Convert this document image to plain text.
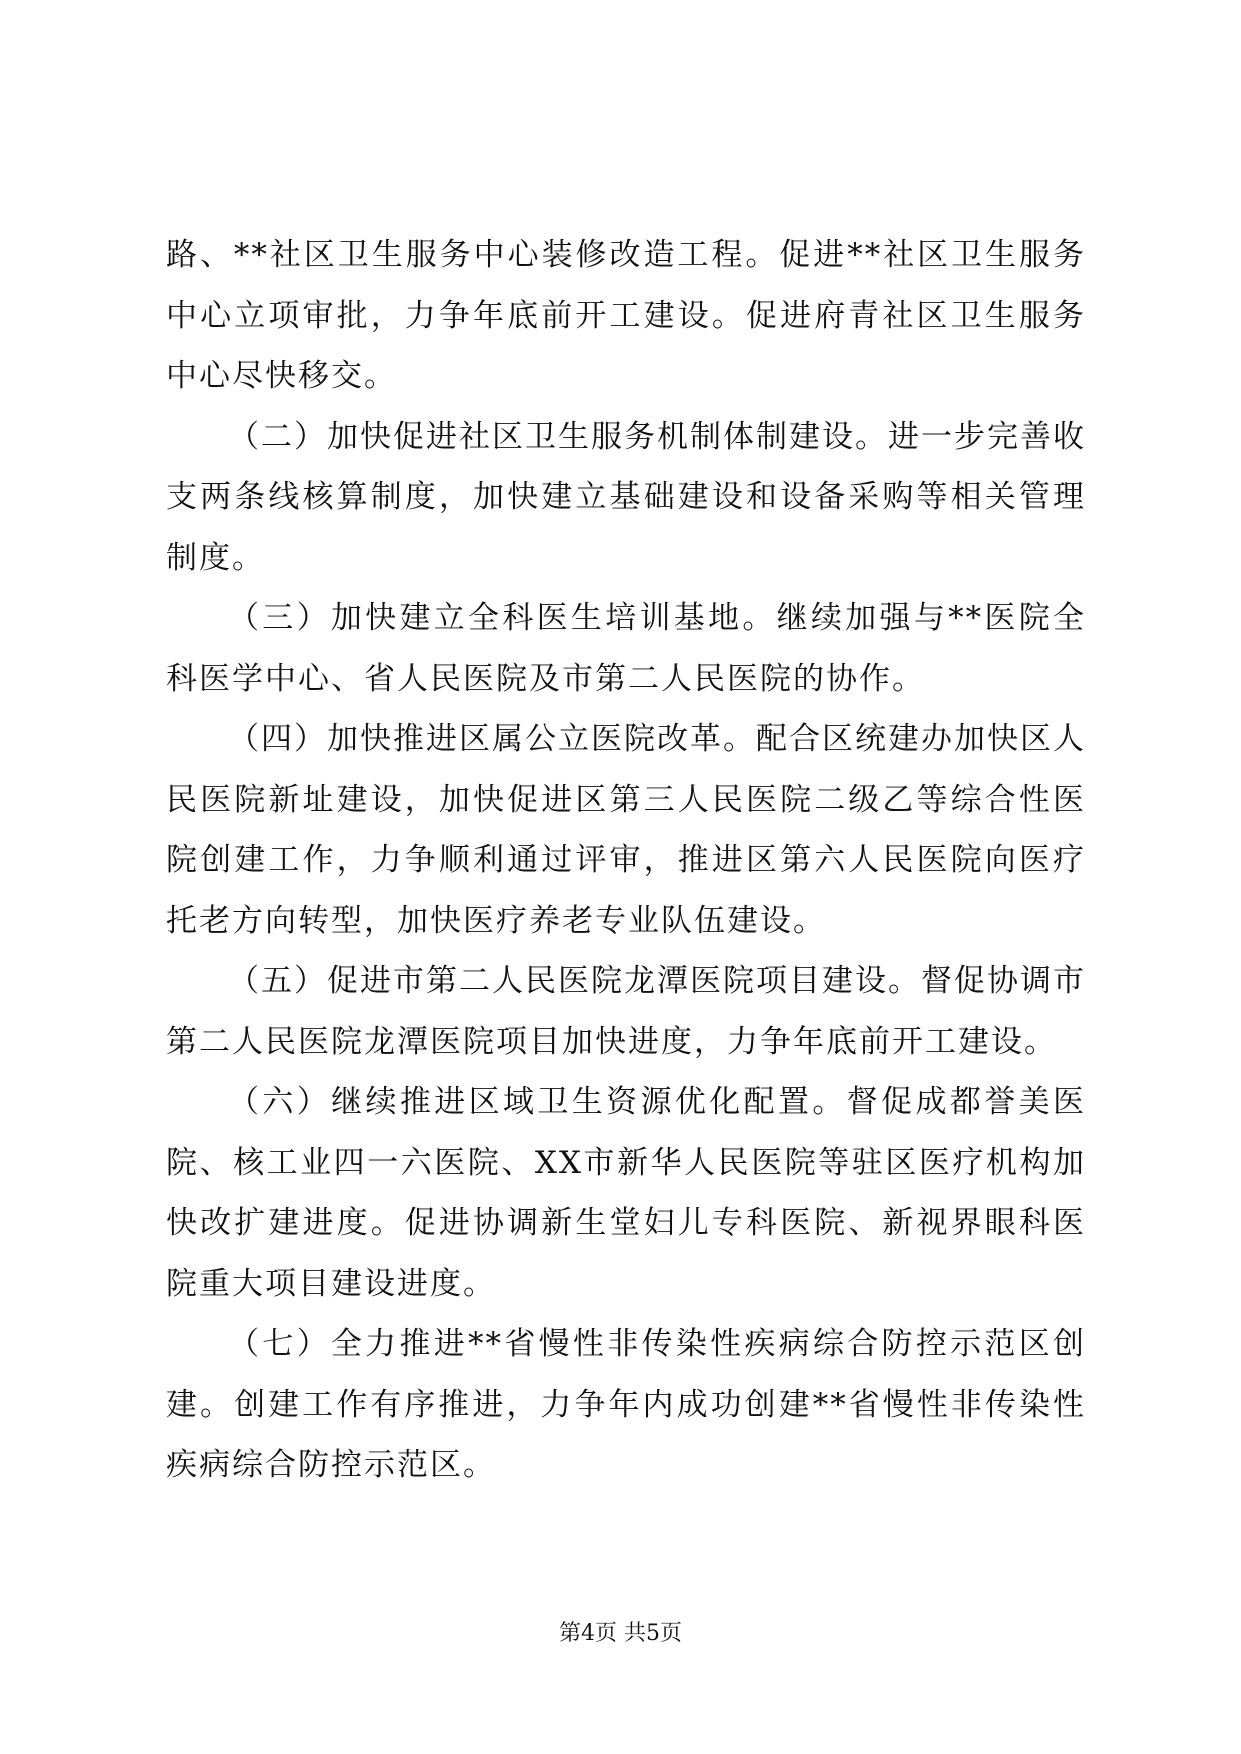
路、**社区卫生服务中心装修改造工程。促进**社区卫生服务中心立项审批，力争年底前开工建设。促进府青社区卫生服务中心尽快移交。

（二）加快促进社区卫生服务机制体制建设。进一步完善收支两条线核算制度，加快建立基础建设和设备采购等相关管理制度。

（三）加快建立全科医生培训基地。继续加强与**医院全科医学中心、省人民医院及市第二人民医院的协作。

（四）加快推进区属公立医院改革。配合区统建办加快区人民医院新址建设，加快促进区第三人民医院二级乙等综合性医院创建工作，力争顺利通过评审，推进区第六人民医院向医疗托老方向转型，加快医疗养老专业队伍建设。

（五）促进市第二人民医院龙潭医院项目建设。督促协调市第二人民医院龙潭医院项目加快进度，力争年底前开工建设。

（六）继续推进区域卫生资源优化配置。督促成都誉美医院、核工业四一六医院、XX市新华人民医院等驻区医疗机构加快改扩建进度。促进协调新生堂妇儿专科医院、新视界眼科医院重大项目建设进度。

（七）全力推进**省慢性非传染性疾病综合防控示范区创建。创建工作有序推进，力争年内成功创建**省慢性非传染性疾病综合防控示范区。

第4页 共5页
